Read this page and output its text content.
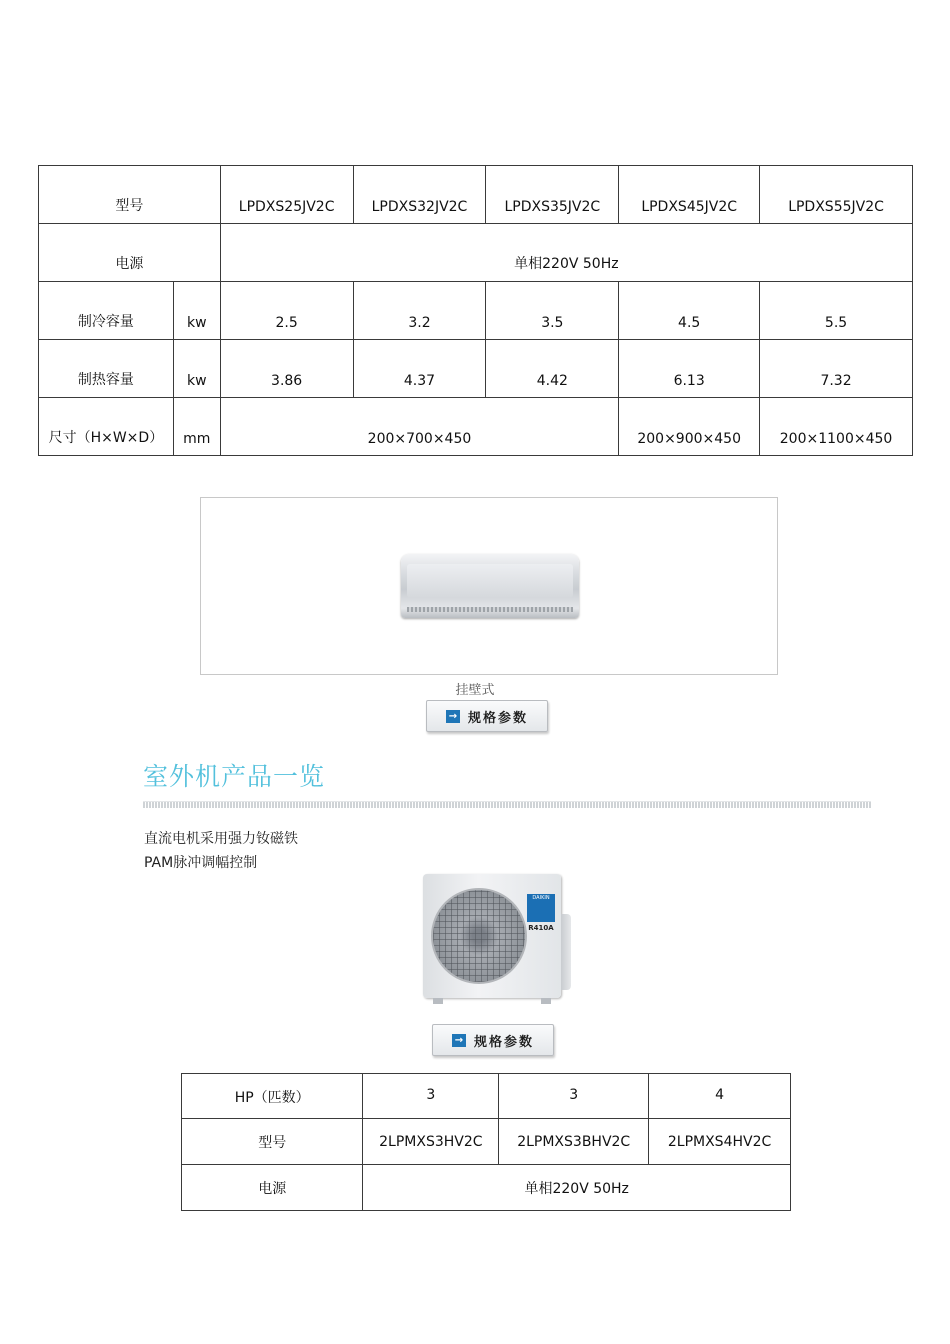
型号		LPDXS25JV2C	LPDXS32JV2C	LPDXS35JV2C	LPDXS45JV2C	LPDXS55JV2C
电源		单相220V 50Hz				
制冷容量	kw	2.5	3.2	3.5	4.5	5.5
制热容量	kw	3.86	4.37	4.42	6.13	7.32
尺寸（H×W×D）	mm	200×700×450			200×900×450	200×1100×450
挂壁式
→ 规格参数
室外机产品一览
直流电机采用强力钕磁铁
PAM脉冲调幅控制
DAIKIN
R410A
→ 规格参数
HP（匹数）	3	3	4
型号	2LPMXS3HV2C	2LPMXS3BHV2C	2LPMXS4HV2C
电源	单相220V 50Hz		
